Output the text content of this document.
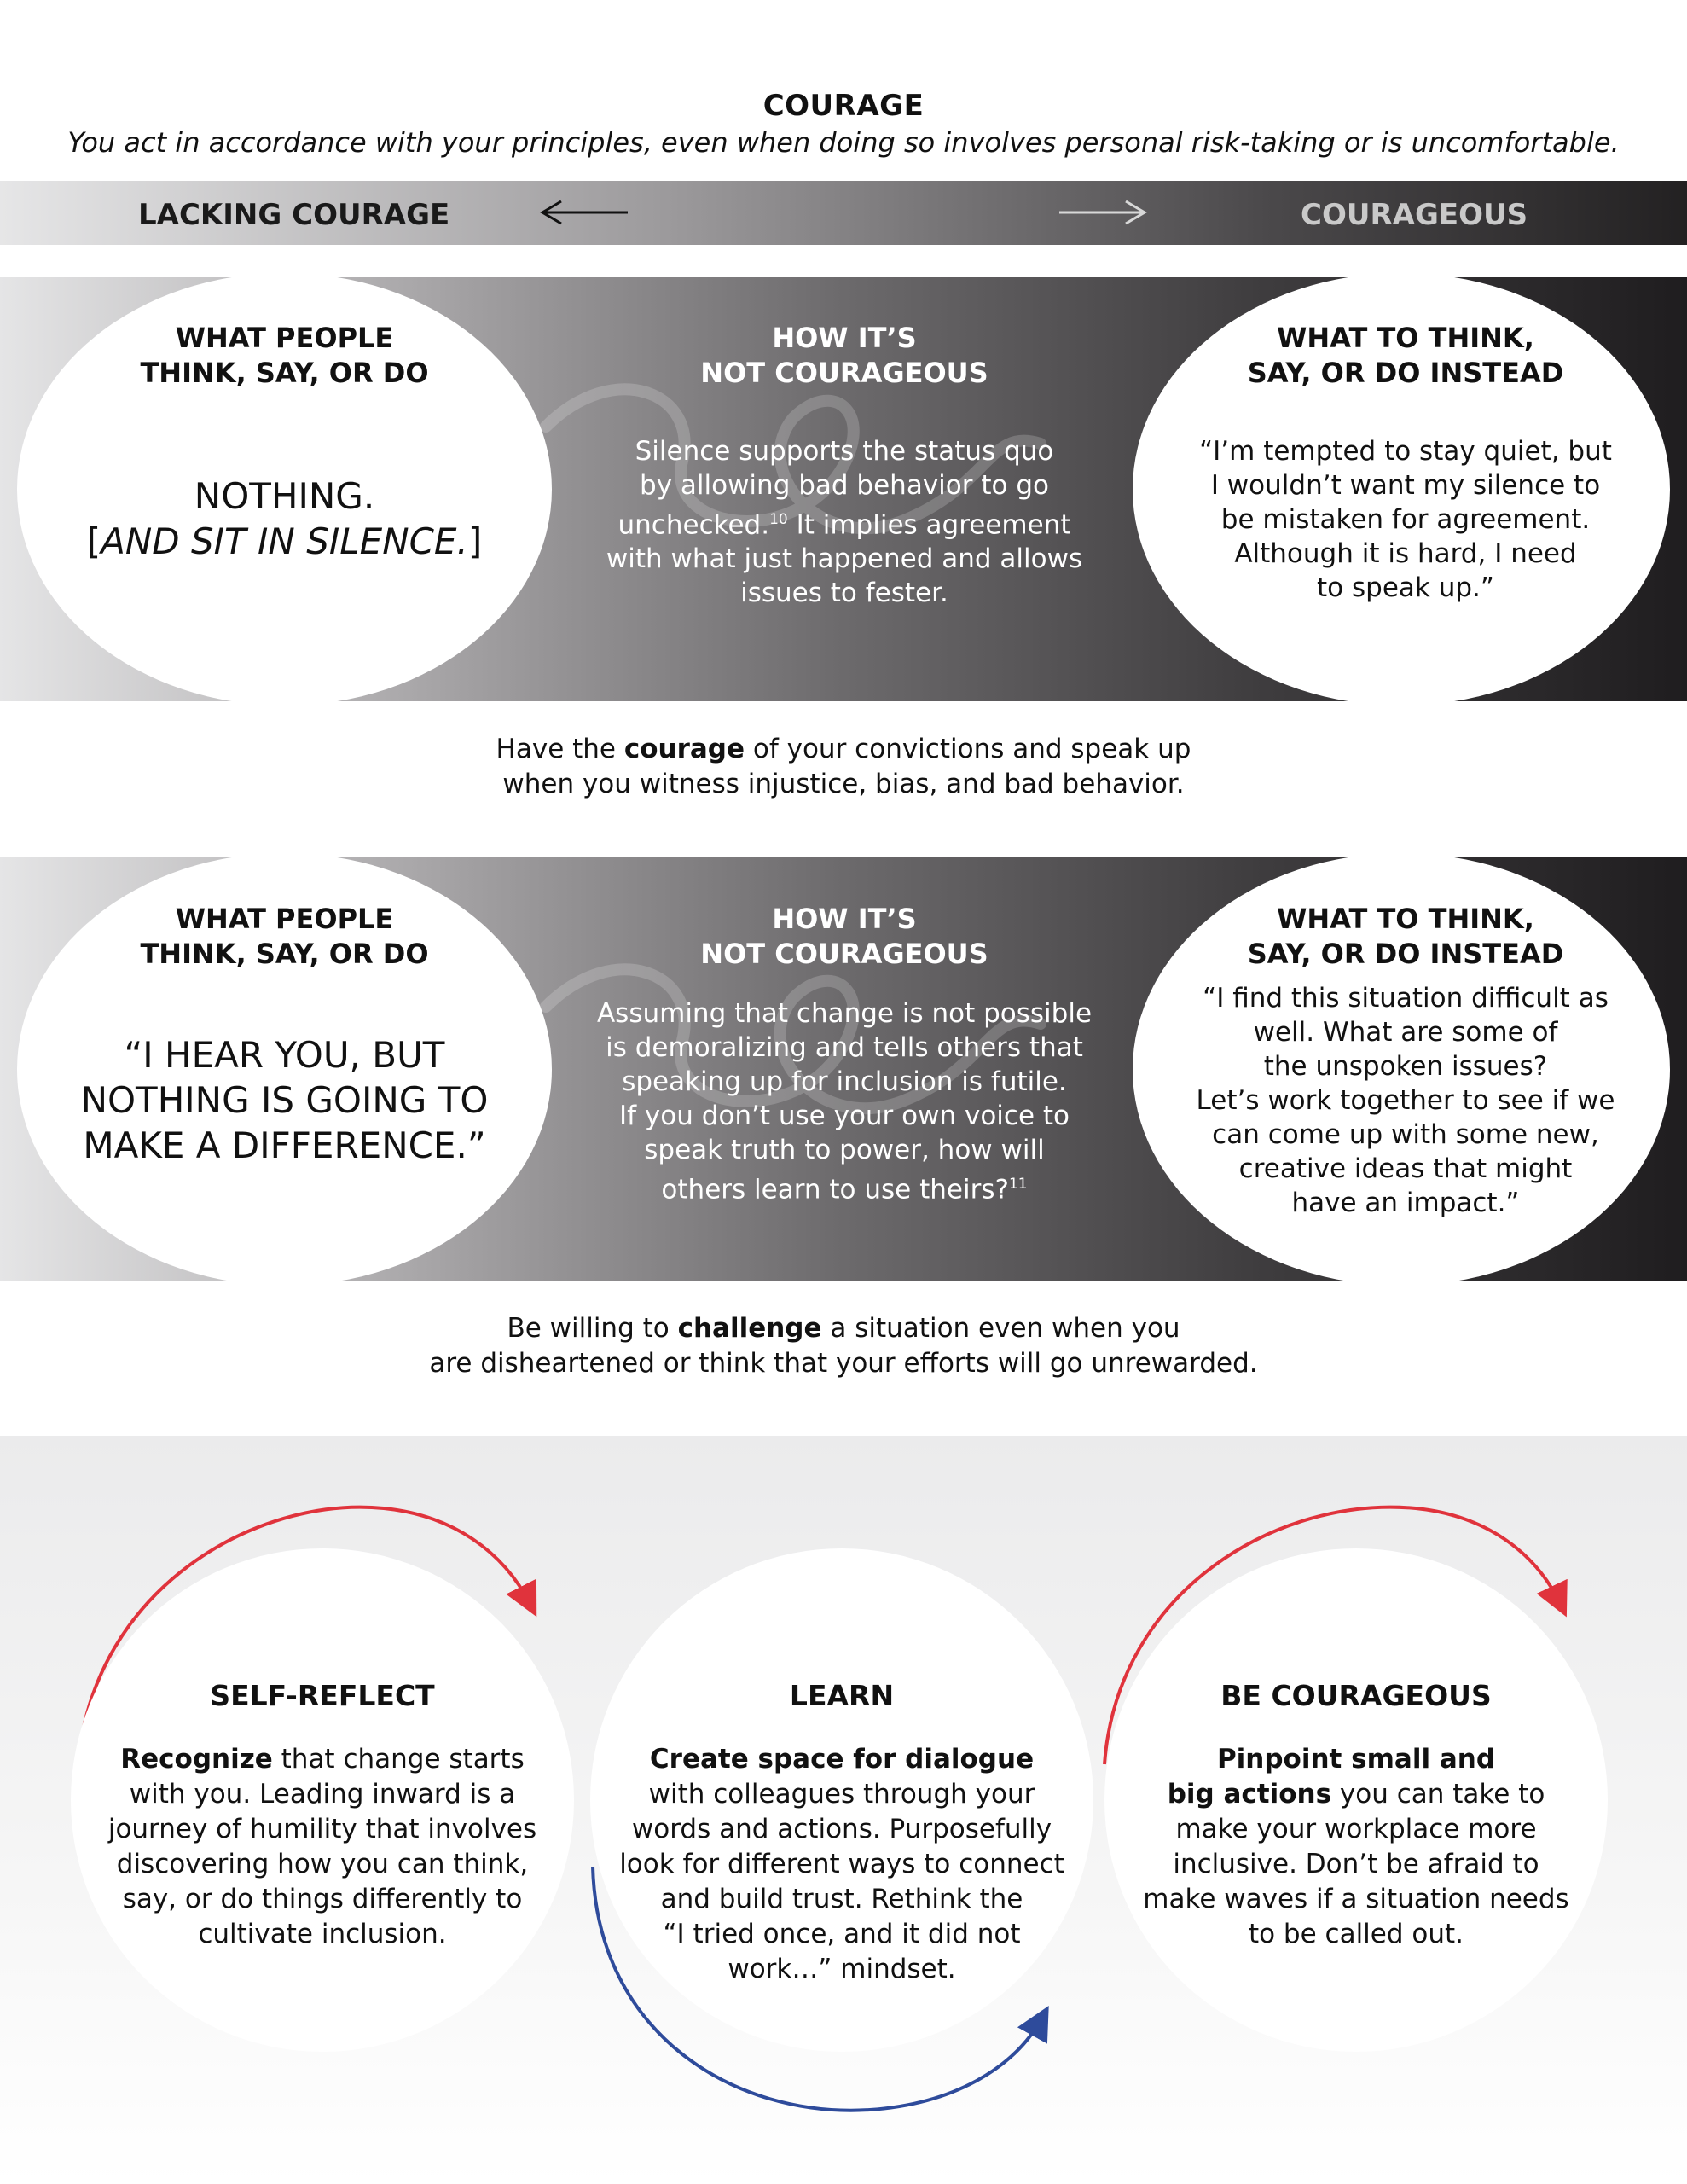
COURAGE
You act in accordance with your principles, even when doing so involves personal risk-taking or is uncomfortable.
LACKING COURAGE	COURAGEOUS
WHAT PEOPLE
THINK, SAY, OR DO
NOTHING.
[AND SIT IN SILENCE.]
HOW IT’S
NOT COURAGEOUS
Silence supports the status quo
by allowing bad behavior to go
unchecked.$^{10}$ It implies agreement
with what just happened and allows
issues to fester.
WHAT TO THINK,
SAY, OR DO INSTEAD
“I’m tempted to stay quiet, but
I wouldn’t want my silence to
be mistaken for agreement.
Although it is hard, I need
to speak up.”
Have the courage of your convictions and speak up
when you witness injustice, bias, and bad behavior.
WHAT PEOPLE
THINK, SAY, OR DO
“I HEAR YOU, BUT
NOTHING IS GOING TO
MAKE A DIFFERENCE.”
HOW IT’S
NOT COURAGEOUS
Assuming that change is not possible
is demoralizing and tells others that
speaking up for inclusion is futile.
If you don’t use your own voice to
speak truth to power, how will
others learn to use theirs?$^{11}$
WHAT TO THINK,
SAY, OR DO INSTEAD
“I find this situation difficult as
well. What are some of
the unspoken issues?
Let’s work together to see if we
can come up with some new,
creative ideas that might
have an impact.”
Be willing to challenge a situation even when you
are disheartened or think that your efforts will go unrewarded.
SELF-REFLECT
Recognize that change starts
with you. Leading inward is a
journey of humility that involves
discovering how you can think,
say, or do things differently to
cultivate inclusion.
LEARN
Create space for dialogue
with colleagues through your
words and actions. Purposefully
look for different ways to connect
and build trust. Rethink the
“I tried once, and it did not
work…” mindset.
BE COURAGEOUS
Pinpoint small and
big actions you can take to
make your workplace more
inclusive. Don’t be afraid to
make waves if a situation needs
to be called out.
